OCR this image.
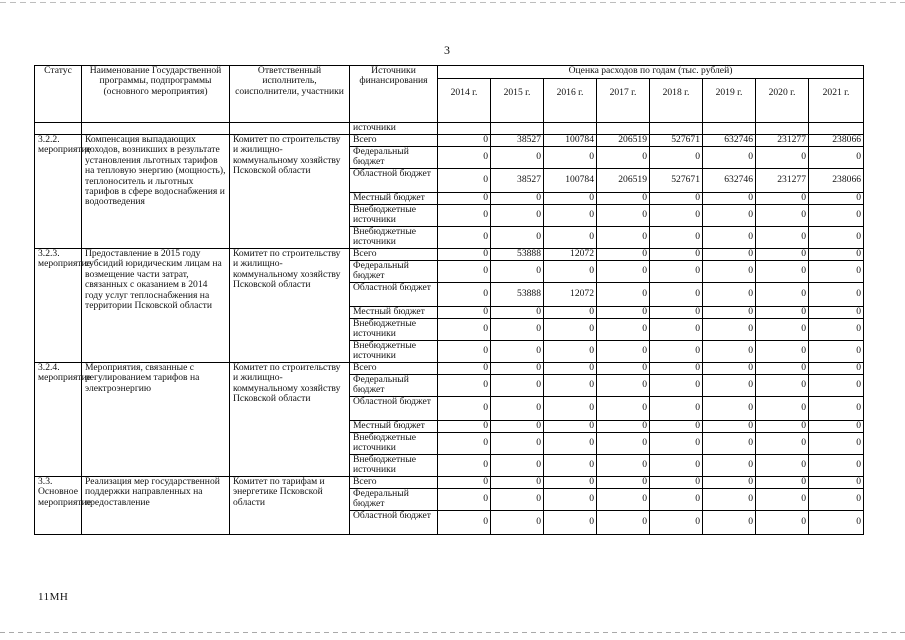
3
Статус	Наименование Государственной программы, подпрограммы (основного мероприятия)	Ответственный исполнитель, соисполнители, участники	Источники финансирования	Оценка расходов по годам (тыс. рублей)							
				2014 г.	2015 г.	2016 г.	2017 г.	2018 г.	2019 г.	2020 г.	2021 г.
			источники								
3.2.2. мероприятие	Компенсация выпадающих доходов, возникших в результате установления льготных тарифов на тепловую энергию (мощность), теплоноситель и льготных тарифов в сфере водоснабжения и водоотведения	Комитет по строительству и жилищно-коммунальному хозяйству Псковской области	Всего	0	38527	100784	206519	527671	632746	231277	238066
			Федеральный бюджет	0	0	0	0	0	0	0	0
			Областной бюджет	0	38527	100784	206519	527671	632746	231277	238066
			Местный бюджет	0	0	0	0	0	0	0	0
			Внебюджетные источники	0	0	0	0	0	0	0	0
			Внебюджетные источники	0	0	0	0	0	0	0	0
3.2.3. мероприятие	Предоставление в 2015 году субсидий юридическим лицам на возмещение части затрат, связанных с оказанием в 2014 году услуг теплоснабжения на территории Псковской области	Комитет по строительству и жилищно-коммунальному хозяйству Псковской области	Всего	0	53888	12072	0	0	0	0	0
			Федеральный бюджет	0	0	0	0	0	0	0	0
			Областной бюджет	0	53888	12072	0	0	0	0	0
			Местный бюджет	0	0	0	0	0	0	0	0
			Внебюджетные источники	0	0	0	0	0	0	0	0
			Внебюджетные источники	0	0	0	0	0	0	0	0
3.2.4. мероприятие	Мероприятия, связанные с регулированием тарифов на электроэнергию	Комитет по строительству и жилищно-коммунальному хозяйству Псковской области	Всего	0	0	0	0	0	0	0	0
			Федеральный бюджет	0	0	0	0	0	0	0	0
			Областной бюджет	0	0	0	0	0	0	0	0
			Местный бюджет	0	0	0	0	0	0	0	0
			Внебюджетные источники	0	0	0	0	0	0	0	0
			Внебюджетные источники	0	0	0	0	0	0	0	0
3.3. Основное мероприятие	Реализация мер государственной поддержки направленных на предоставление	Комитет по тарифам и энергетике Псковской области	Всего	0	0	0	0	0	0	0	0
			Федеральный бюджет	0	0	0	0	0	0	0	0
			Областной бюджет	0	0	0	0	0	0	0	0
11МН
